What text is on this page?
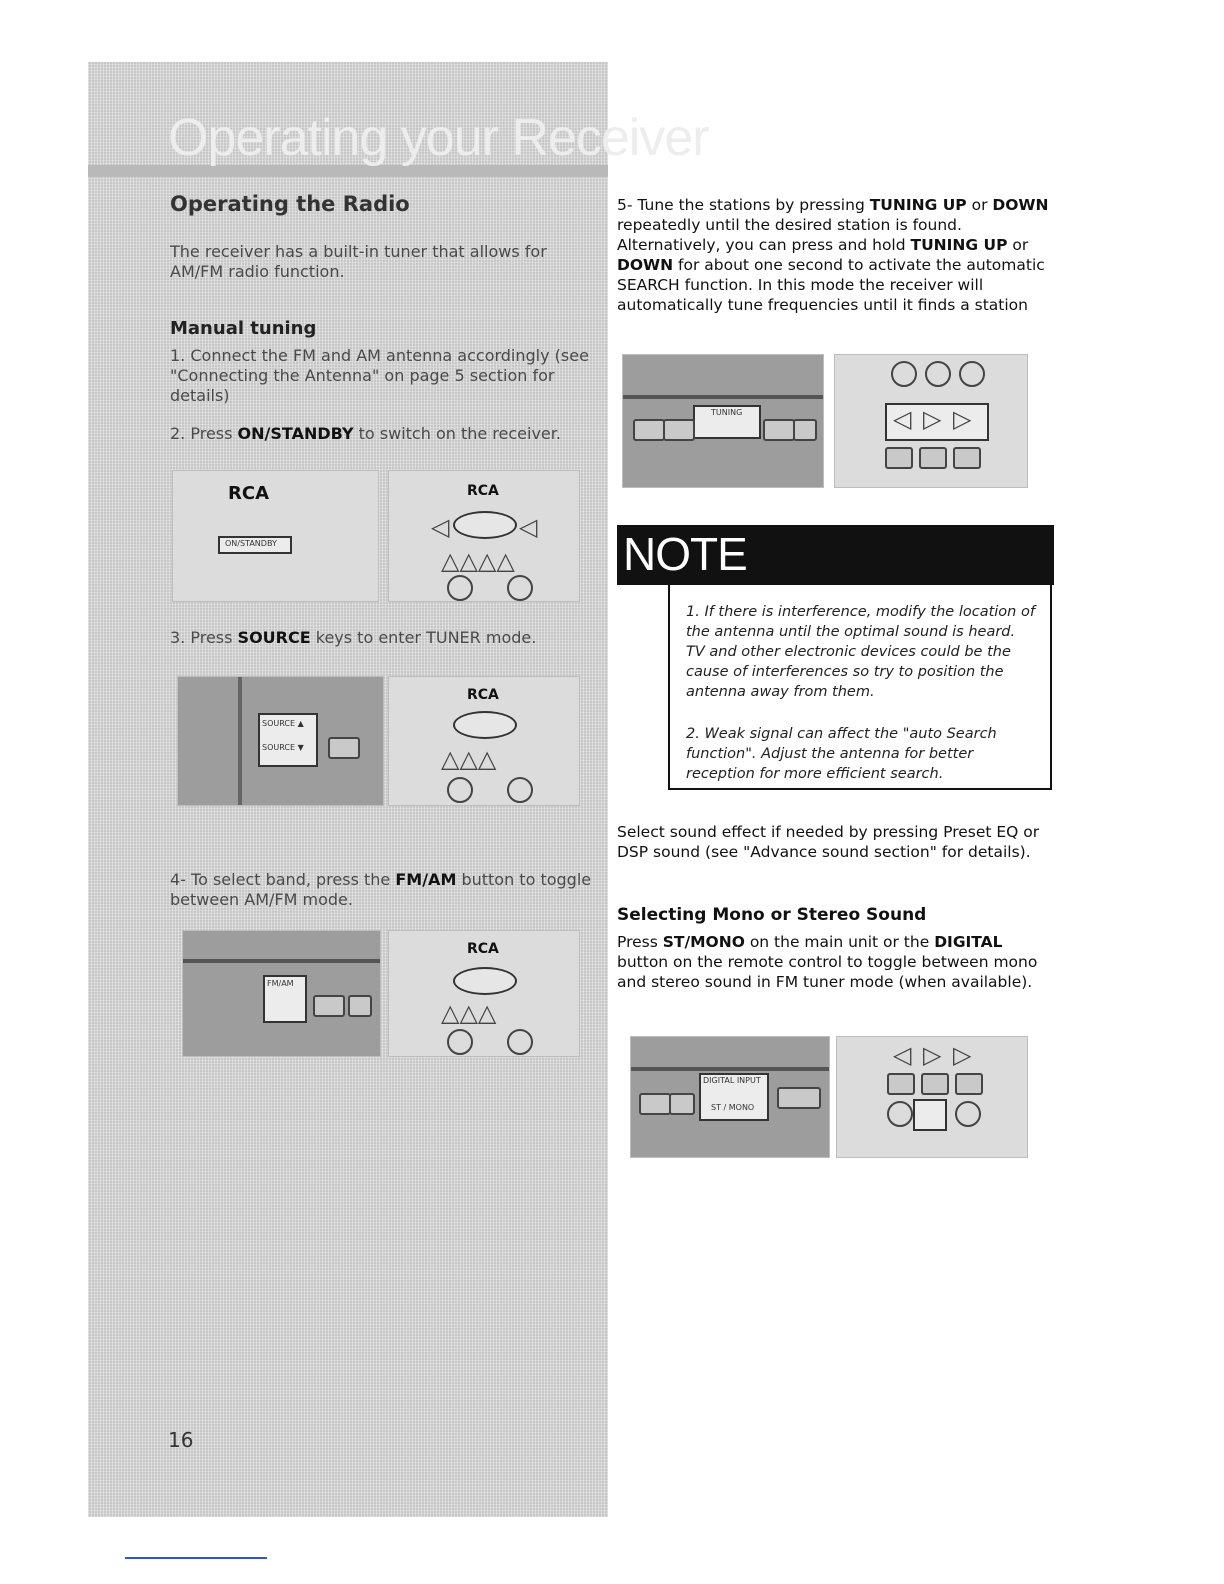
Operating your Receiver
Operating the Radio

The receiver has a built-in tuner that allows for AM/FM radio function.

Manual tuning

1. Connect the FM and AM antenna accordingly (see "Connecting the Antenna" on page 5 section for details)

2. Press ON/STANDBY to switch on the receiver.

RCA
ON/STANDBY
RCA
◁	◁
△△△△

3. Press SOURCE keys to enter TUNER mode.

SOURCE ▲
SOURCE ▼
RCA
△△△

4- To select band, press the FM/AM button to toggle between AM/FM mode.

FM/AM
RCA
△△△
16

5- Tune the stations by pressing TUNING UP or DOWN repeatedly until the desired station is found. Alternatively, you can press and hold TUNING UP or DOWN for about one second to activate the automatic SEARCH function. In this mode the receiver will automatically tune frequencies until it finds a station

TUNING	◁ ▷ ▷
NOTE

1. If there is interference, modify the location of the antenna until the optimal sound is heard. TV and other electronic devices could be the cause of interferences so try to position the antenna away from them.

2. Weak signal can affect the "auto Search function". Adjust the antenna for better reception for more efficient search.

Select sound effect if needed by pressing Preset EQ or DSP sound (see "Advance sound section" for details).

Selecting Mono or Stereo Sound

Press ST/MONO on the main unit or the DIGITAL button on the remote control to toggle between mono and stereo sound in FM tuner mode (when available).

DIGITAL INPUT
ST / MONO
◁ ▷ ▷
